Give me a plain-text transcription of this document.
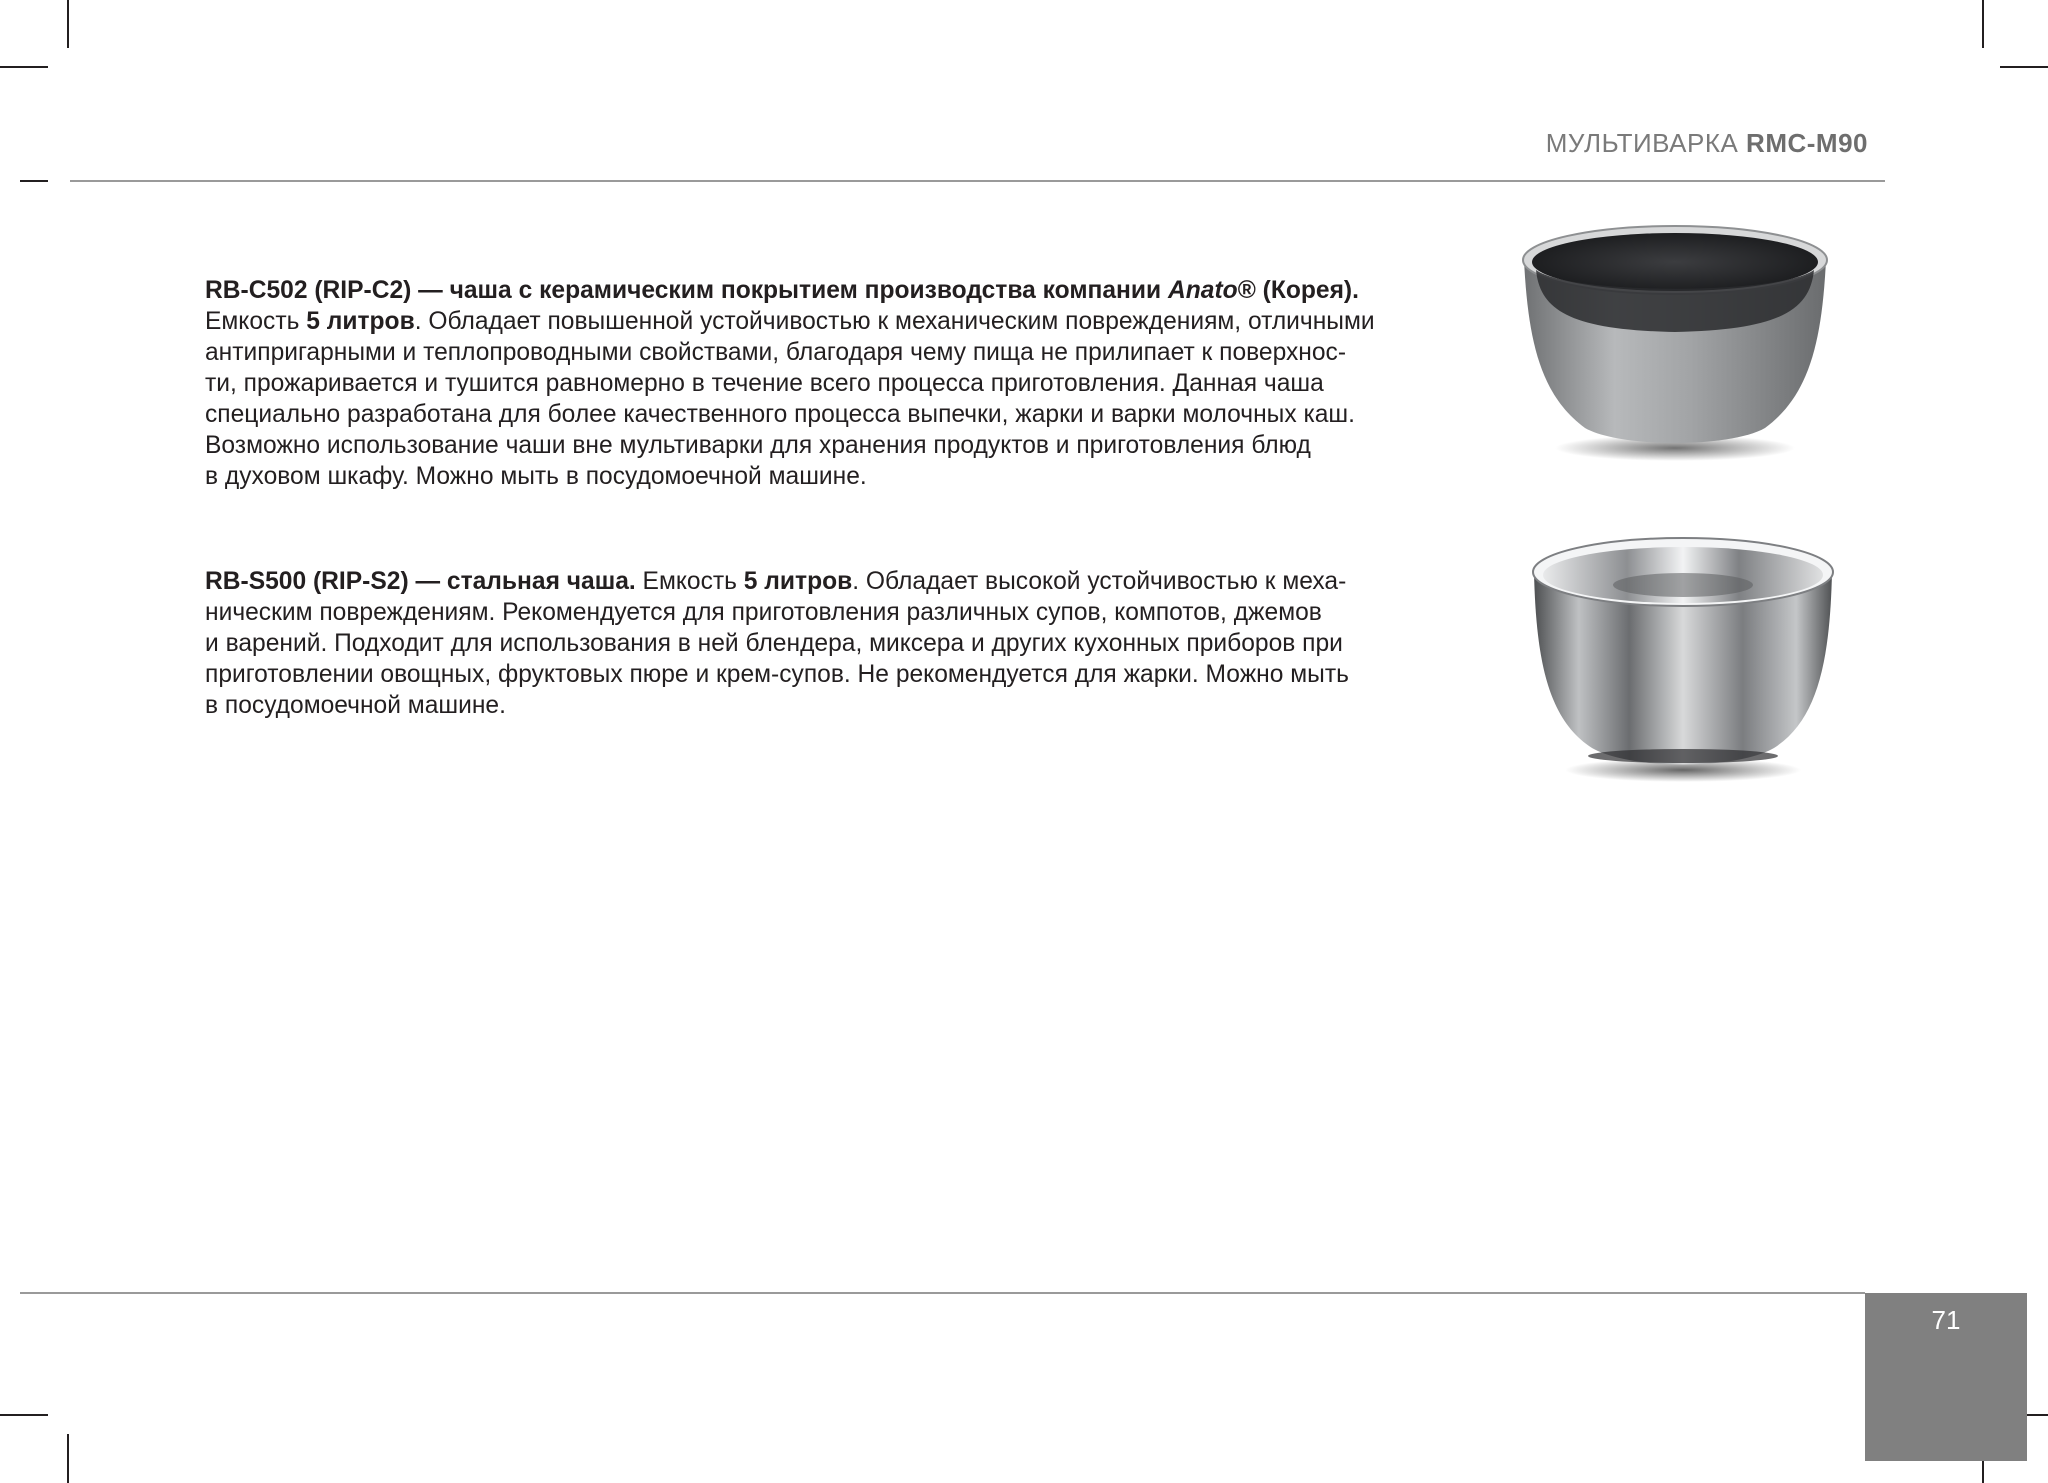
МУЛЬТИВАРКА RMC-M90
RB-C502 (RIP-C2) — чаша с керамическим покрытием производства компании Anato® (Корея).
Емкость 5 литров. Обладает повышенной устойчивостью к механическим повреждениям, отличными
антипригарными и теплопроводными свойствами, благодаря чему пища не прилипает к поверхнос-
ти, прожаривается и тушится равномерно в течение всего процесса приготовления. Данная чаша
специально разработана для более качественного процесса выпечки, жарки и варки молочных каш.
Возможно использование чаши вне мультиварки для хранения продуктов и приготовления блюд
в духовом шкафу. Можно мыть в посудомоечной машине.
RB-S500 (RIP-S2) — стальная чаша. Емкость 5 литров. Обладает высокой устойчивостью к меха-
ническим повреждениям. Рекомендуется для приготовления различных супов, компотов, джемов
и варений. Подходит для использования в ней блендера, миксера и других кухонных приборов при
приготовлении овощных, фруктовых пюре и крем-супов. Не рекомендуется для жарки. Можно мыть
в посудомоечной машине.
71
